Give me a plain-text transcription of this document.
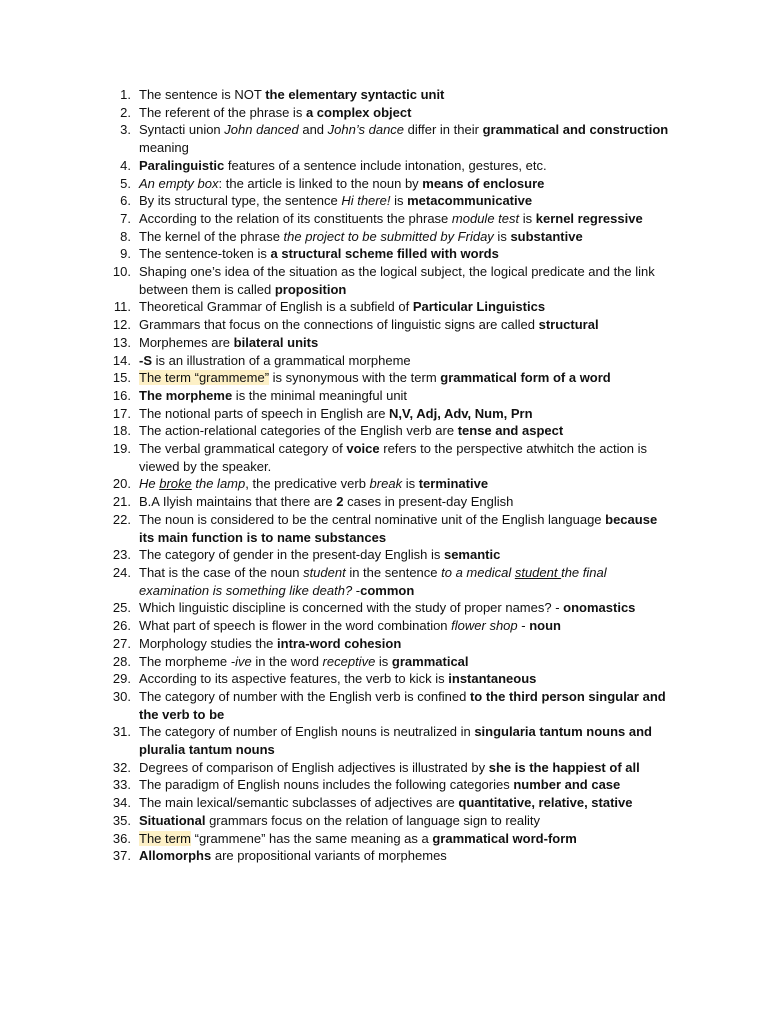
1. The sentence is NOT the elementary syntactic unit
2. The referent of the phrase is a complex object
3. Syntacti union John danced and John’s dance differ in their grammatical and construction meaning
4. Paralinguistic features of a sentence include intonation, gestures, etc.
5. An empty box: the article is linked to the noun by means of enclosure
6. By its structural type, the sentence Hi there! is metacommunicative
7. According to the relation of its constituents the phrase module test is kernel regressive
8. The kernel of the phrase the project to be submitted by Friday is substantive
9. The sentence-token is a structural scheme filled with words
10. Shaping one’s idea of the situation as the logical subject, the logical predicate and the link between them is called proposition
11. Theoretical Grammar of English is a subfield of Particular Linguistics
12. Grammars that focus on the connections of linguistic signs are called structural
13. Morphemes are bilateral units
14. -S is an illustration of a grammatical morpheme
15. The term “grammeme” is synonymous with the term grammatical form of a word
16. The morpheme is the minimal meaningful unit
17. The notional parts of speech in English are N,V, Adj, Adv, Num, Prn
18. The action-relational categories of the English verb are tense and aspect
19. The verbal grammatical category of voice refers to the perspective atwhitch the action is viewed by the speaker.
20. He broke the lamp, the predicative verb break is terminative
21. B.A Ilyish maintains that there are 2 cases in present-day English
22. The noun is considered to be the central nominative unit of the English language because its main function is to name substances
23. The category of gender in the present-day English is semantic
24. That is the case of the noun student in the sentence to a medical student the final examination is something like death? -common
25. Which linguistic discipline is concerned with the study of proper names? - onomastics
26. What part of speech is flower in the word combination flower shop - noun
27. Morphology studies the intra-word cohesion
28. The morpheme -ive in the word receptive is grammatical
29. According to its aspective features, the verb to kick is instantaneous
30. The category of number with the English verb is confined to the third person singular and the verb to be
31. The category of number of English nouns is neutralized in singularia tantum nouns and pluralia tantum nouns
32. Degrees of comparison of English adjectives is illustrated by she is the happiest of all
33. The paradigm of English nouns includes the following categories number and case
34. The main lexical/semantic subclasses of adjectives are quantitative, relative, stative
35. Situational grammars focus on the relation of language sign to reality
36. The term “grammene” has the same meaning as a grammatical word-form
37. Allomorphs are propositional variants of morphemes
